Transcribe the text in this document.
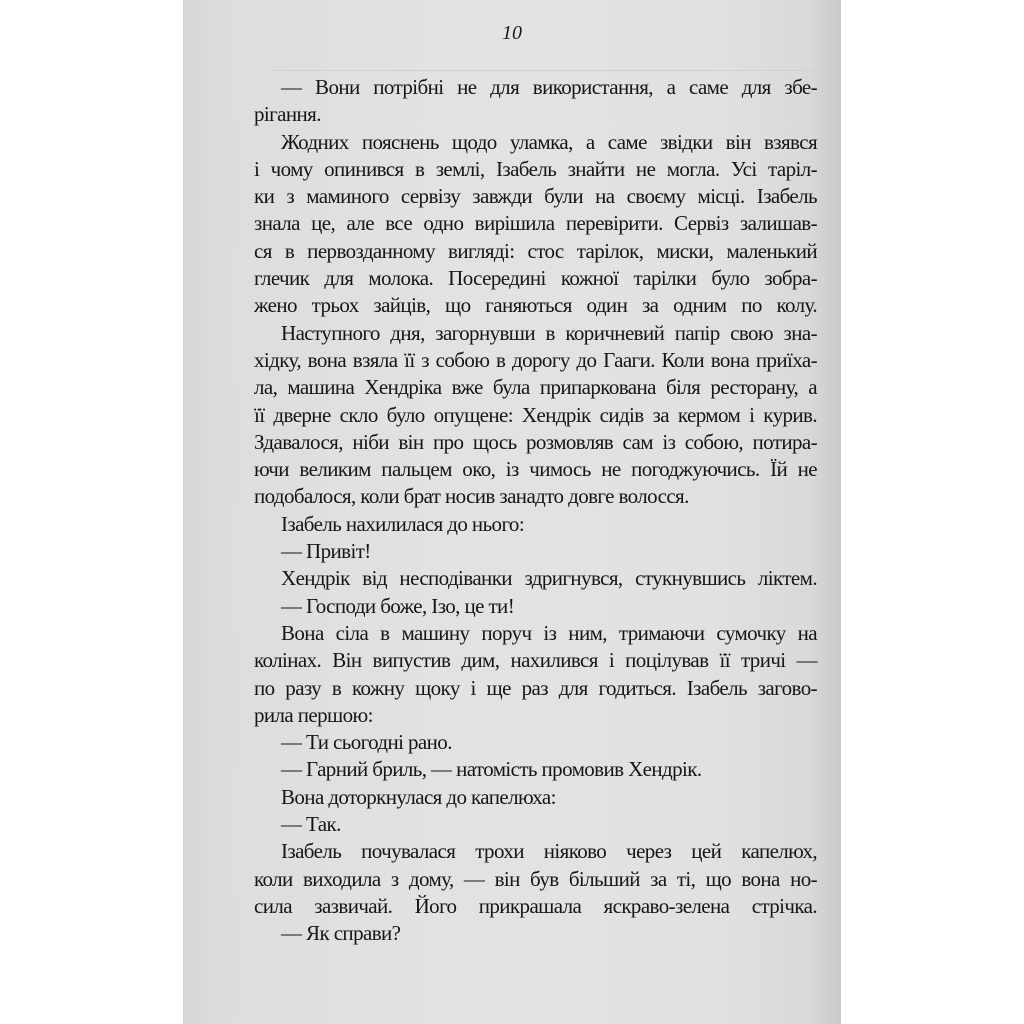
10
— Вони потрібні не для використання, а саме для збе-
рігання.
Жодних пояснень щодо уламка, а саме звідки він взявся
і чому опинився в землі, Ізабель знайти не могла. Усі таріл-
ки з маминого сервізу завжди були на своєму місці. Ізабель
знала це, але все одно вирішила перевірити. Сервіз залишав-
ся в первозданному вигляді: стос тарілок, миски, маленький
глечик для молока. Посередині кожної тарілки було зобра-
жено трьох зайців, що ганяються один за одним по колу.
Наступного дня, загорнувши в коричневий папір свою зна-
хідку, вона взяла її з собою в дорогу до Гааги. Коли вона приїха-
ла, машина Хендріка вже була припаркована біля ресторану, а
її дверне скло було опущене: Хендрік сидів за кермом і курив.
Здавалося, ніби він про щось розмовляв сам із собою, потира-
ючи великим пальцем око, із чимось не погоджуючись. Їй не
подобалося, коли брат носив занадто довге волосся.
Ізабель нахилилася до нього:
— Привіт!
Хендрік від несподіванки здригнувся, стукнувшись ліктем.
— Господи боже, Ізо, це ти!
Вона сіла в машину поруч із ним, тримаючи сумочку на
колінах. Він випустив дим, нахилився і поцілував її тричі —
по разу в кожну щоку і ще раз для годиться. Ізабель загово-
рила першою:
— Ти сьогодні рано.
— Гарний бриль, — натомість промовив Хендрік.
Вона доторкнулася до капелюха:
— Так.
Ізабель почувалася трохи ніяково через цей капелюх,
коли виходила з дому, — він був більший за ті, що вона но-
сила зазвичай. Його прикрашала яскраво-зелена стрічка.
— Як справи?
